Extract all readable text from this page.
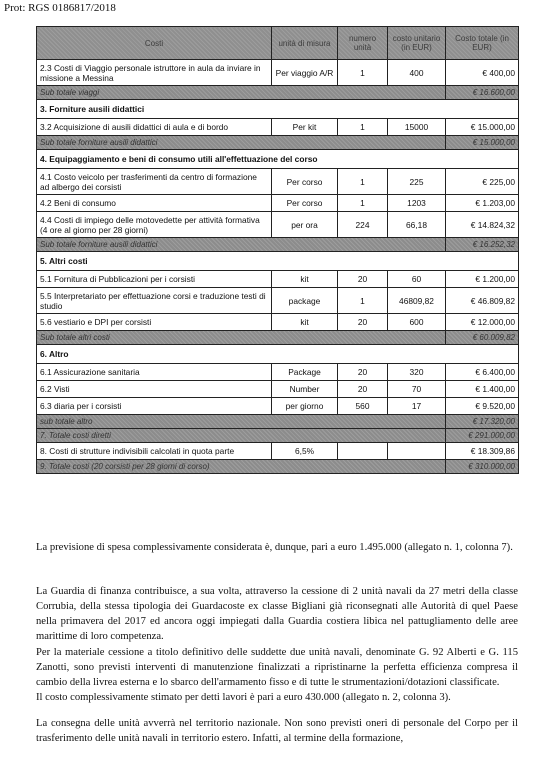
Prot: RGS 0186817/2018
Costi	unità di misura	numero unità	costo unitario (in EUR)	Costo totale (in EUR)
2.3 Costi di Viaggio personale istruttore in aula da inviare in missione a Messina	Per viaggio A/R	1	400	€ 400,00
Sub totale viaggi				€ 16.600,00
3. Forniture ausili didattici				
3.2 Acquisizione di ausili didattici di aula e di bordo	Per kit	1	15000	€ 15.000,00
Sub totale forniture ausili didattici				€ 15.000,00
4. Equipaggiamento e beni di consumo utili all'effettuazione del corso				
4.1 Costo veicolo per trasferimenti da centro di formazione ad albergo dei corsisti	Per corso	1	225	€ 225,00
4.2 Beni di consumo	Per corso	1	1203	€ 1.203,00
4.4 Costi di impiego delle motovedette per attività formativa (4 ore al giorno per 28 giorni)	per ora	224	66,18	€ 14.824,32
Sub totale forniture ausili didattici				€ 16.252,32
5. Altri costi				
5.1 Fornitura di Pubblicazioni per i corsisti	kit	20	60	€ 1.200,00
5.5 Interpretariato per effettuazione corsi e traduzione testi di studio	package	1	46809,82	€ 46.809,82
5.6 vestiario e DPI per corsisti	kit	20	600	€ 12.000,00
Sub totale altri costi				€ 60.009,82
6. Altro				
6.1 Assicurazione sanitaria	Package	20	320	€ 6.400,00
6.2 Visti	Number	20	70	€ 1.400,00
6.3 diaria per i corsisti	per giorno	560	17	€ 9.520,00
sub totale altro				€ 17.320,00
7. Totale costi diretti				€ 291.000,00
8. Costi di strutture indivisibili calcolati in quota parte	6,5%			€ 18.309,86
9. Totale costi (20 corsisti per 28 giorni di corso)				€ 310.000,00
La previsione di spesa complessivamente considerata è, dunque, pari a euro 1.495.000 (allegato n. 1, colonna 7).
La Guardia di finanza contribuisce, a sua volta, attraverso la cessione di 2 unità navali da 27 metri della classe Corrubia, della stessa tipologia dei Guardacoste ex classe Bigliani già riconsegnati alle Autorità di quel Paese nella primavera del 2017 ed ancora oggi impiegati dalla Guardia costiera libica nel pattugliamento delle aree marittime di loro competenza.
Per la materiale cessione a titolo definitivo delle suddette due unità navali, denominate G. 92 Alberti e G. 115 Zanotti, sono previsti interventi di manutenzione finalizzati a ripristinarne la perfetta efficienza compresa il cambio della livrea esterna e lo sbarco dell'armamento fisso e di tutte le strumentazioni/dotazioni classificate.
Il costo complessivamente stimato per detti lavori è pari a euro 430.000 (allegato n. 2, colonna 3).
La consegna delle unità avverrà nel territorio nazionale. Non sono previsti oneri di personale del Corpo per il trasferimento delle unità navali in territorio estero. Infatti, al termine della formazione,
